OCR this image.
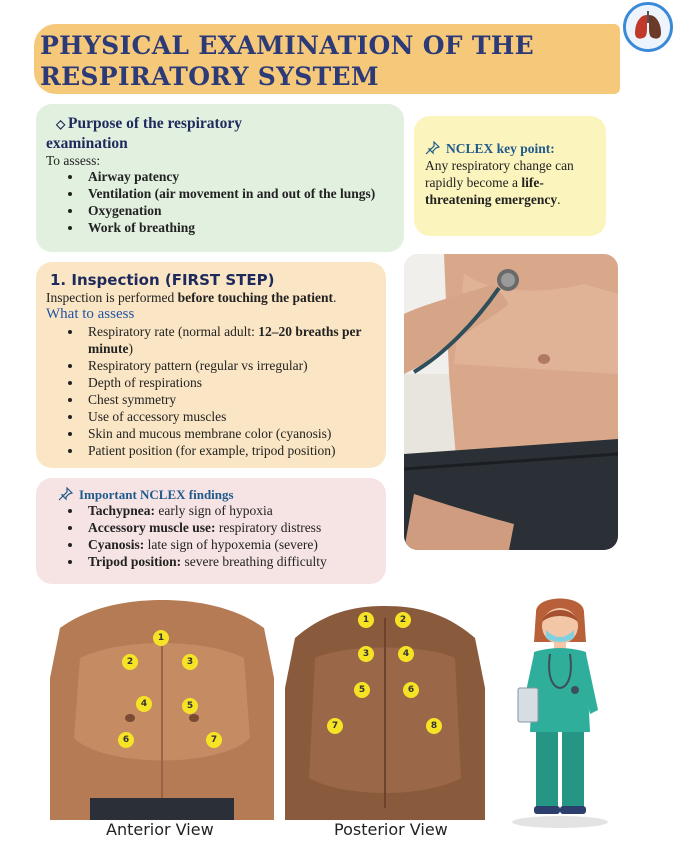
PHYSICAL EXAMINATION OF THE
RESPIRATORY SYSTEM
◇ Purpose of the respiratory
examination
To assess:
Airway patency
Ventilation (air movement in and out of the lungs)
Oxygenation
Work of breathing
NCLEX key point:
Any respiratory change can rapidly become a life-threatening emergency.
1. Inspection (FIRST STEP)
Inspection is performed before touching the patient.
What to assess
Respiratory rate (normal adult: 12–20 breaths per minute)
Respiratory pattern (regular vs irregular)
Depth of respirations
Chest symmetry
Use of accessory muscles
Skin and mucous membrane color (cyanosis)
Patient position (for example, tripod position)
Important NCLEX findings
Tachypnea: early sign of hypoxia
Accessory muscle use: respiratory distress
Cyanosis: late sign of hypoxemia (severe)
Tripod position: severe breathing difficulty
1
2	3
4	5
6	7
Anterior View
1	2
3	4
5	6
7	8
Posterior View
